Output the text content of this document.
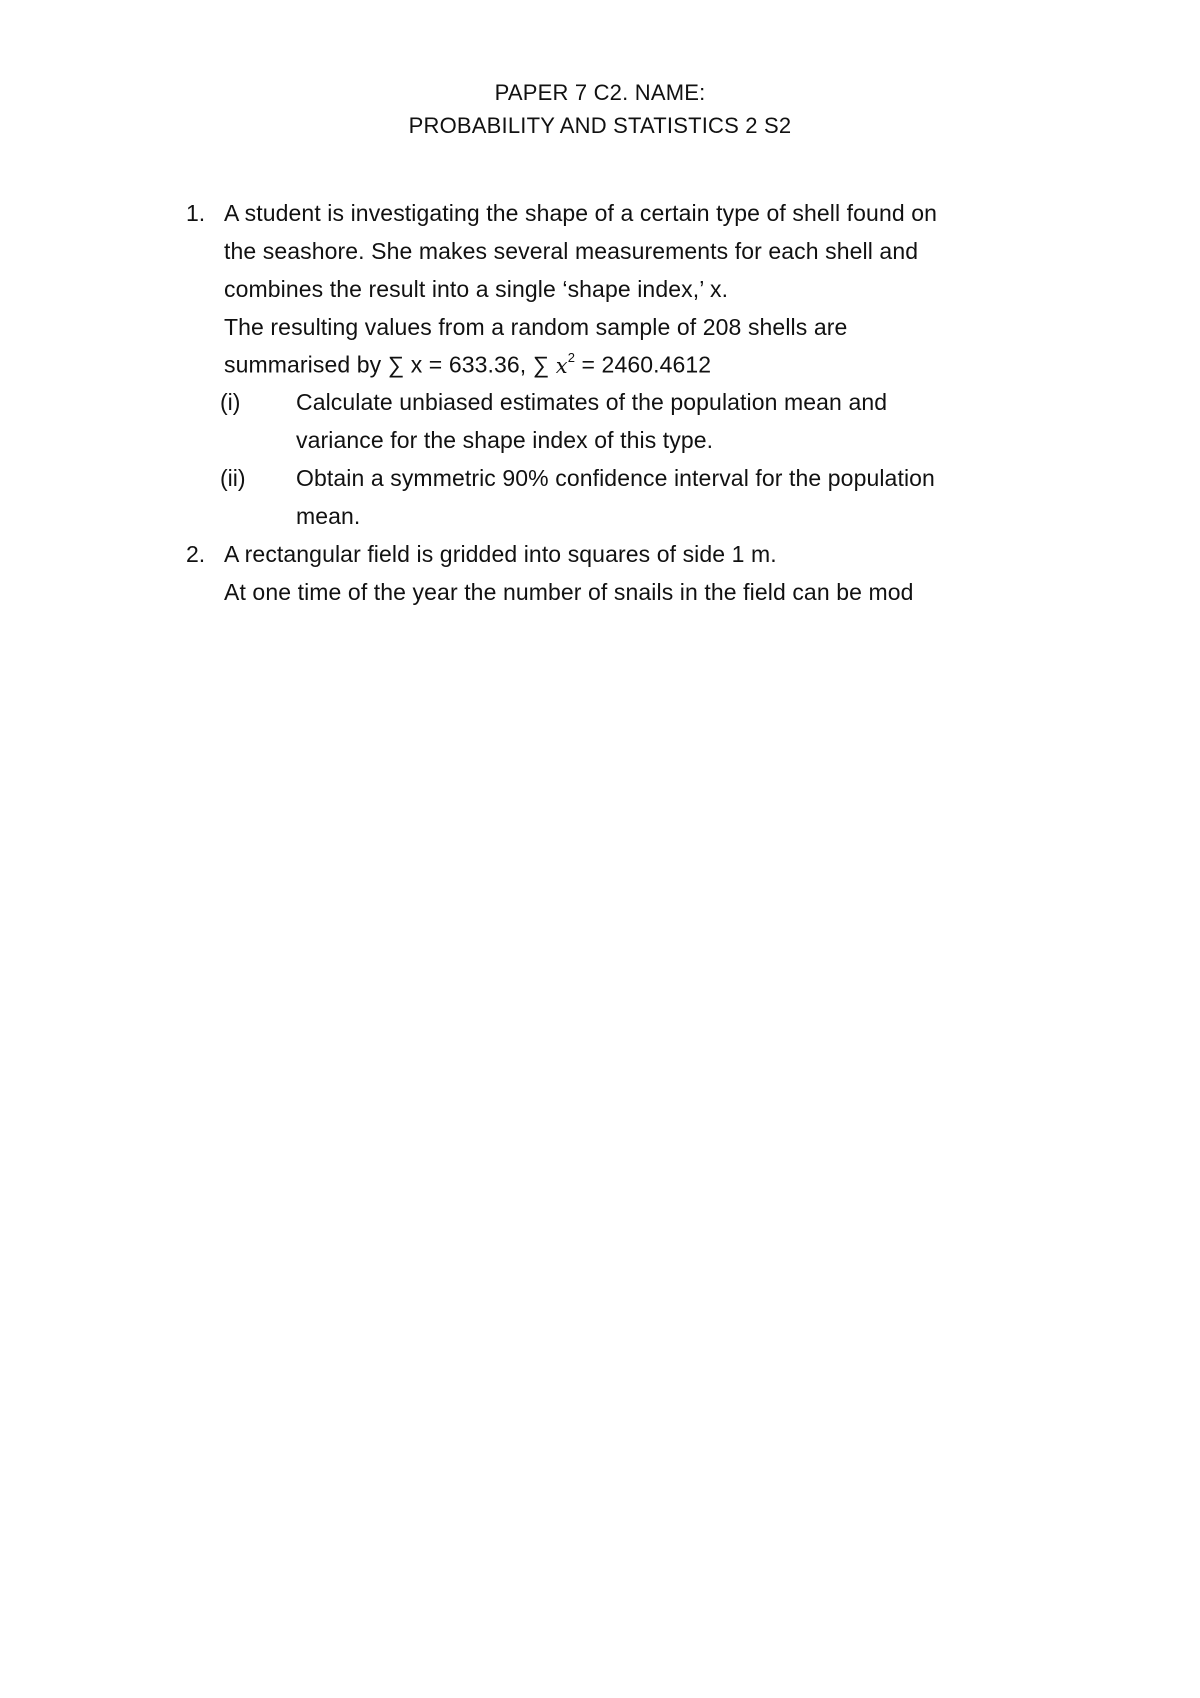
PAPER 7 C2. NAME:
PROBABILITY AND STATISTICS 2 S2
1. A student is investigating the shape of a certain type of shell found on
the seashore. She makes several measurements for each shell and
combines the result into a single ‘shape index,’ x.
The resulting values from a random sample of 208 shells are
summarised by ∑ x = 633.36, ∑ $x^2 = 2460.4612$
(i) Calculate unbiased estimates of the population mean and
variance for the shape index of this type.
(ii) Obtain a symmetric 90% confidence interval for the population
mean.
2. A rectangular field is gridded into squares of side 1 m.
At one time of the year the number of snails in the field can be mod
